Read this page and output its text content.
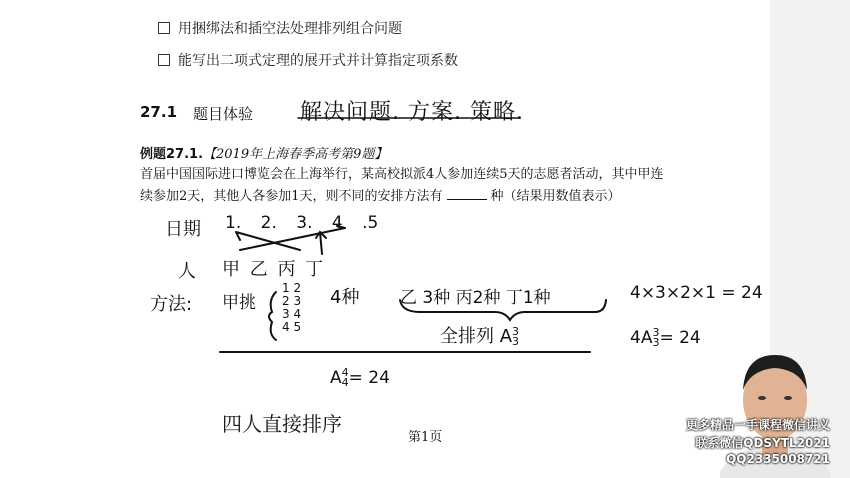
用捆绑法和插空法处理排列组合问题
能写出二项式定理的展开式并计算指定项系数
27.1 题目体验 解决问题. 方案. 策略.
例题27.1.【2019年上海春季高考第9题】
首届中国国际进口博览会在上海举行，某高校拟派4人参加连续5天的志愿者活动，其中甲连
续参加2天，其他人各参加1天，则不同的安排方法有	种（结果用数值表示）
日期 1. 2. 3. 4 .5
人 甲 乙 丙 丁
方法: 甲挑
1 2
2 3
3 4
4 5
4种 乙 3种 丙2种 丁1种	4×3×2×1 = 24
全排列 A 3
3	4A 3
3 = 24
A 4
4 = 24
四人直接排序
第1页
更多精品一手课程微信讲义
联系微信QDSYTL2021
QQ2335008721
